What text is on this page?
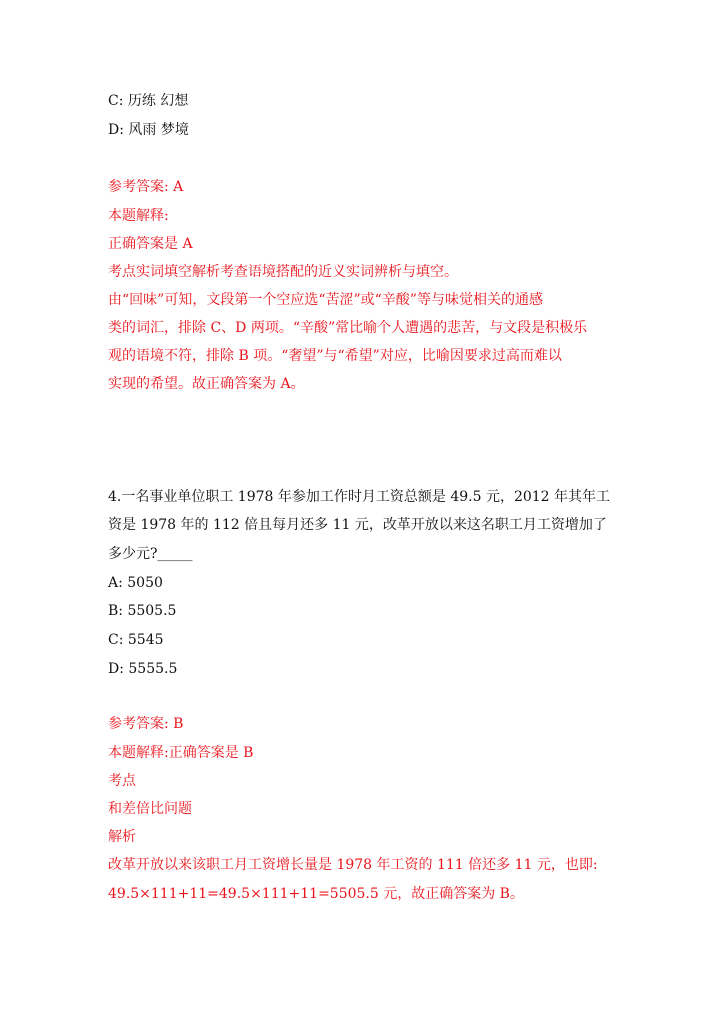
C: 历练 幻想
D: 风雨 梦境
参考答案: A
本题解释:
正确答案是 A
考点实词填空解析考查语境搭配的近义实词辨析与填空。
由“回味”可知，文段第一个空应选“苦涩”或“辛酸”等与味觉相关的通感
类的词汇，排除 C、D 两项。“辛酸”常比喻个人遭遇的悲苦，与文段是积极乐
观的语境不符，排除 B 项。“奢望”与“希望”对应，比喻因要求过高而难以
实现的希望。故正确答案为 A。
4.一名事业单位职工 1978 年参加工作时月工资总额是 49.5 元，2012 年其年工
资是 1978 年的 112 倍且每月还多 11 元，改革开放以来这名职工月工资增加了
多少元?_____
A: 5050
B: 5505.5
C: 5545
D: 5555.5
参考答案: B
本题解释:正确答案是 B
考点
和差倍比问题
解析
改革开放以来该职工月工资增长量是 1978 年工资的 111 倍还多 11 元，也即:
49.5×111+11=49.5×111+11=5505.5 元，故正确答案为 B。
